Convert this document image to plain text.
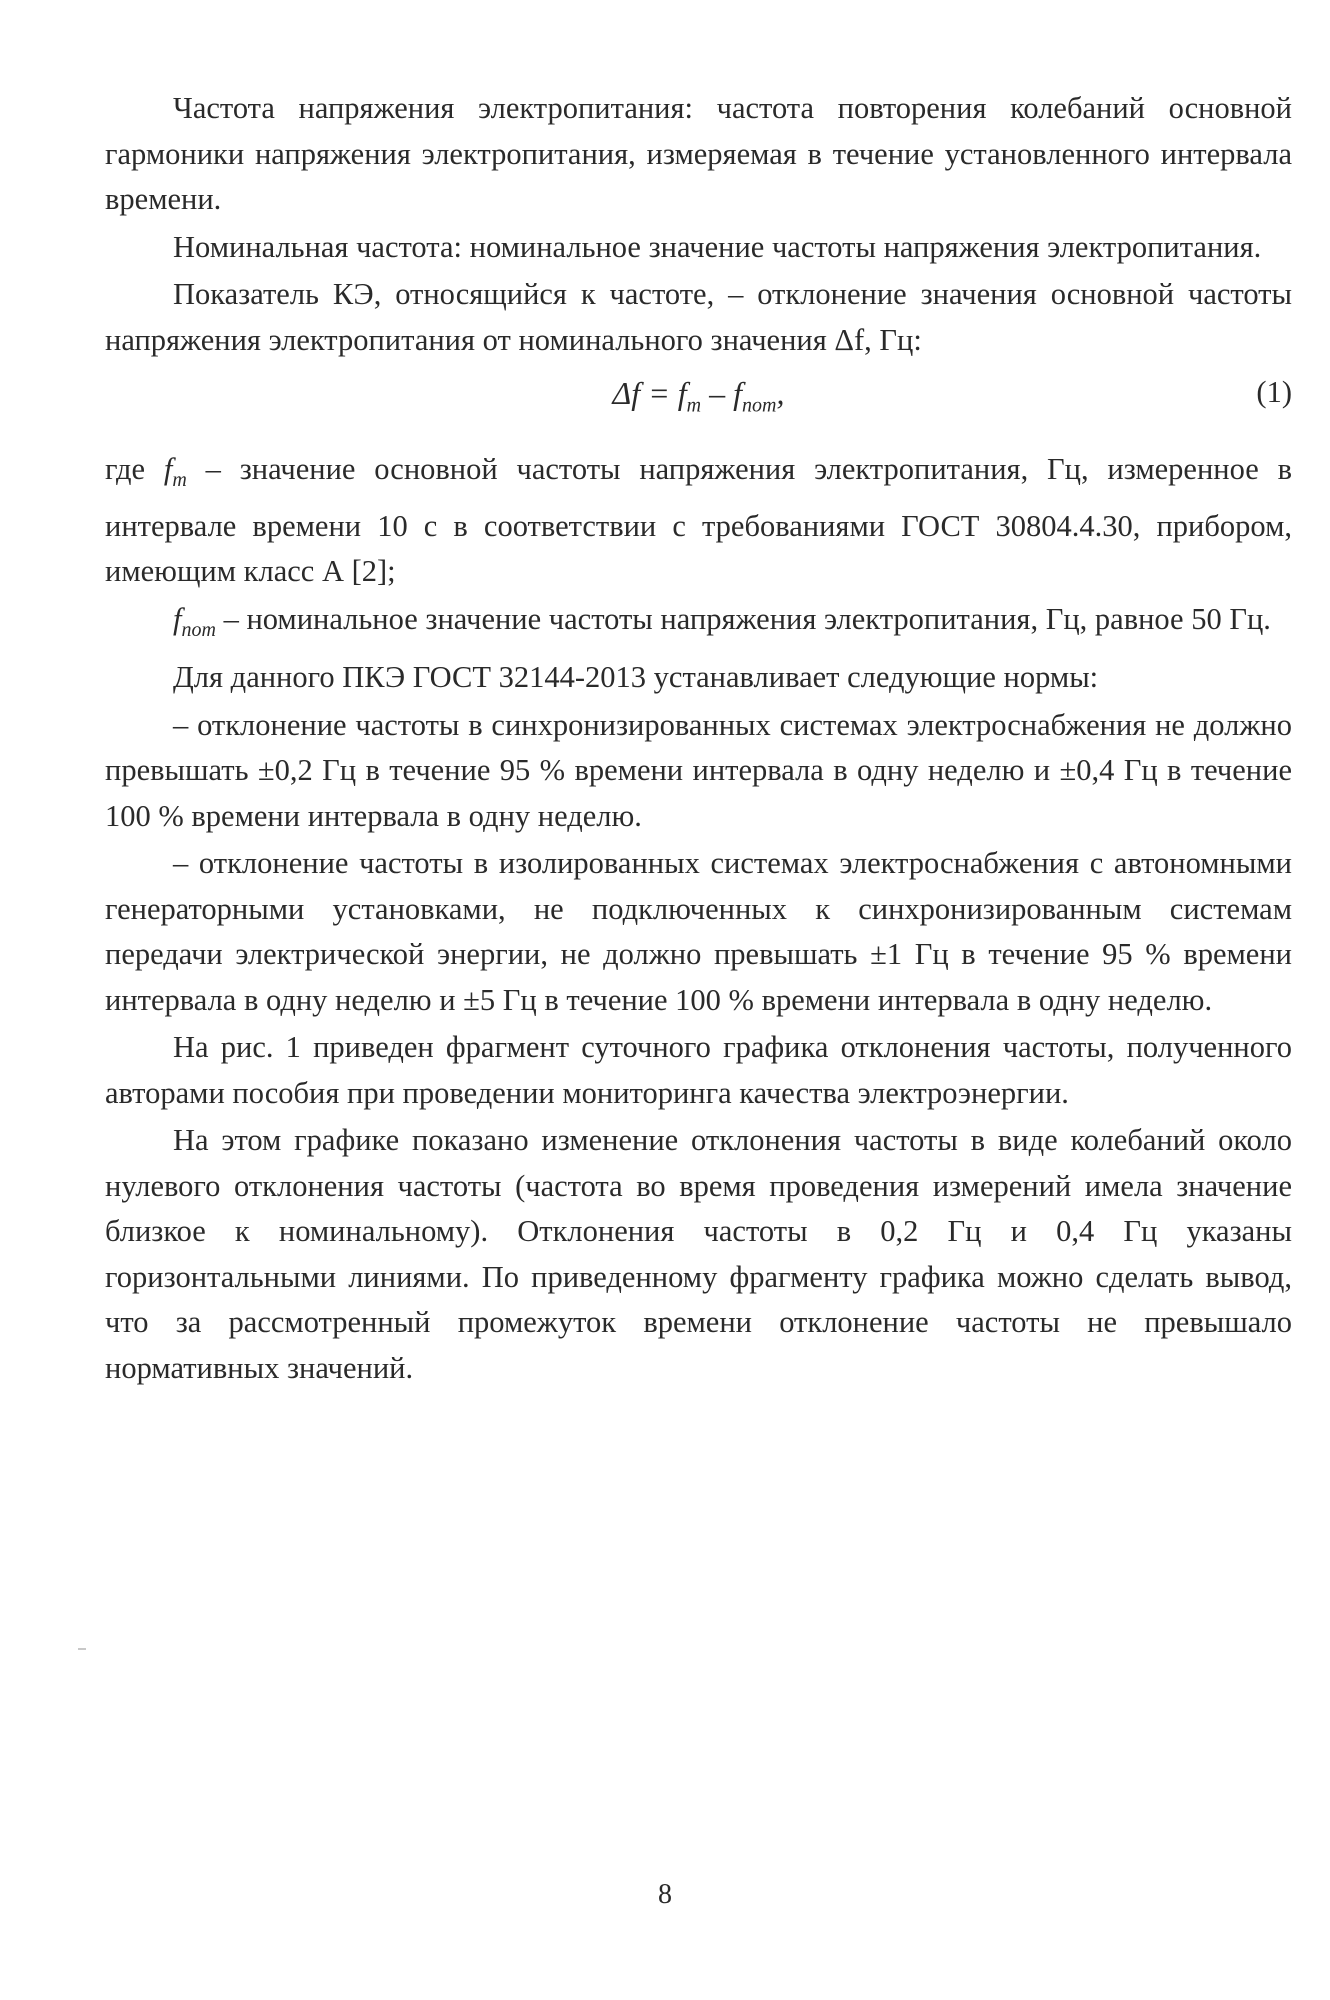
Частота напряжения электропитания: частота повторения колебаний основной гармоники напряжения электропитания, измеряемая в течение установленного интервала времени.

Номинальная частота: номинальное значение частоты напряжения электропитания.

Показатель КЭ, относящийся к частоте, – отклонение значения основной частоты напряжения электропитания от номинального значения Δf, Гц:

$\Delta f = f_m - f_{nom}$,	(1)

где $f_m$ – значение основной частоты напряжения электропитания, Гц, измеренное в интервале времени 10 с в соответствии с требованиями ГОСТ 30804.4.30, прибором, имеющим класс А [2];

$f_{nom}$ – номинальное значение частоты напряжения электропитания, Гц, равное 50 Гц.

Для данного ПКЭ ГОСТ 32144-2013 устанавливает следующие нормы:

– отклонение частоты в синхронизированных системах электроснабжения не должно превышать ±0,2 Гц в течение 95 % времени интервала в одну неделю и ±0,4 Гц в течение 100 % времени интервала в одну неделю.

– отклонение частоты в изолированных системах электроснабжения с автономными генераторными установками, не подключенных к синхронизированным системам передачи электрической энергии, не должно превышать ±1 Гц в течение 95 % времени интервала в одну неделю и ±5 Гц в течение 100 % времени интервала в одну неделю.

На рис. 1 приведен фрагмент суточного графика отклонения частоты, полученного авторами пособия при проведении мониторинга качества электроэнергии.

На этом графике показано изменение отклонения частоты в виде колебаний около нулевого отклонения частоты (частота во время проведения измерений имела значение близкое к номинальному). Отклонения частоты в 0,2 Гц и 0,4 Гц указаны горизонтальными линиями. По приведенному фрагменту графика можно сделать вывод, что за рассмотренный промежуток времени отклонение частоты не превышало нормативных значений.

8
